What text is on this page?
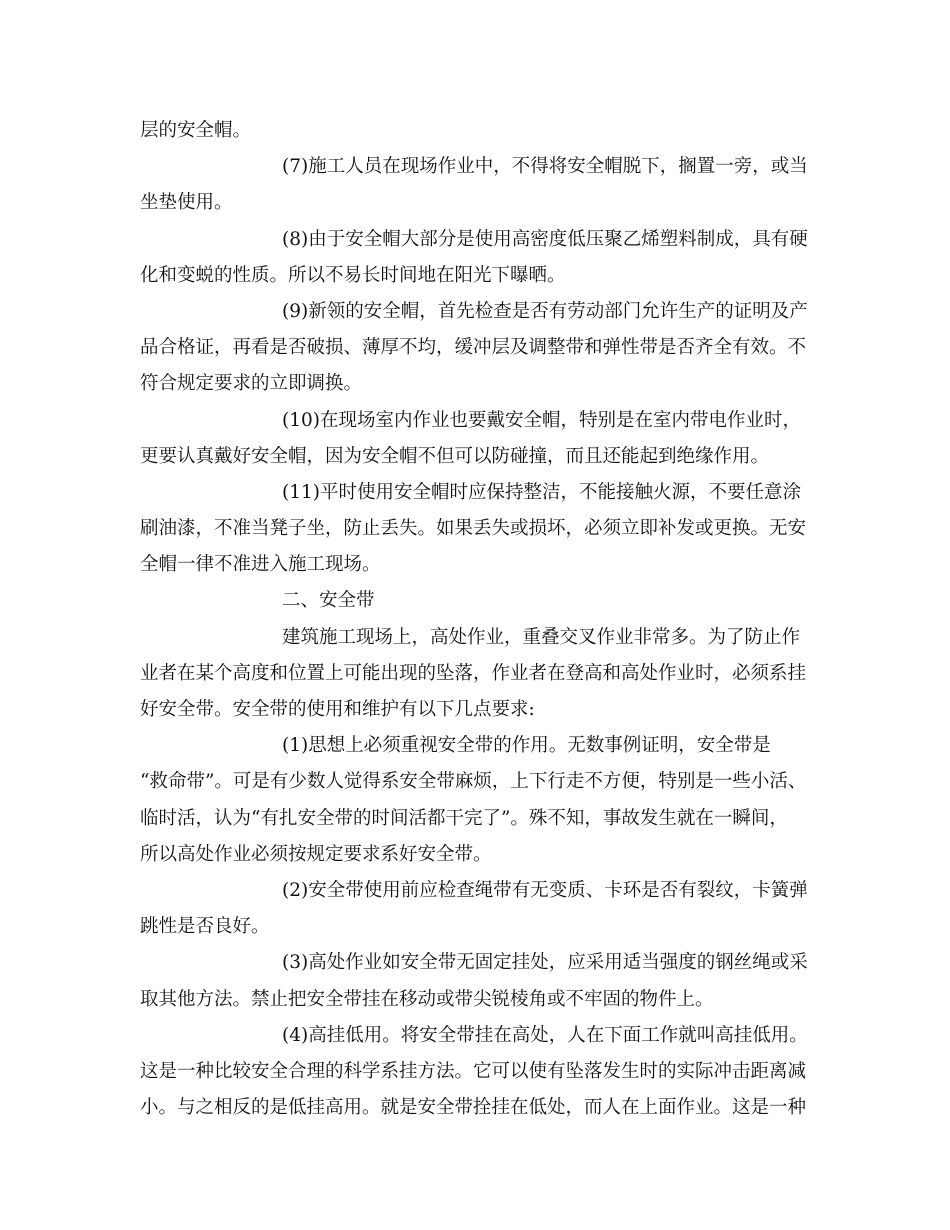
层的安全帽。
(7)施工人员在现场作业中，不得将安全帽脱下，搁置一旁，或当
坐垫使用。
(8)由于安全帽大部分是使用高密度低压聚乙烯塑料制成，具有硬
化和变蜕的性质。所以不易长时间地在阳光下曝晒。
(9)新领的安全帽，首先检查是否有劳动部门允许生产的证明及产
品合格证，再看是否破损、薄厚不均，缓冲层及调整带和弹性带是否齐全有效。不
符合规定要求的立即调换。
(10)在现场室内作业也要戴安全帽，特别是在室内带电作业时，
更要认真戴好安全帽，因为安全帽不但可以防碰撞，而且还能起到绝缘作用。
(11)平时使用安全帽时应保持整洁，不能接触火源，不要任意涂
刷油漆，不准当凳子坐，防止丢失。如果丢失或损坏，必须立即补发或更换。无安
全帽一律不准进入施工现场。
二、安全带
建筑施工现场上，高处作业，重叠交叉作业非常多。为了防止作
业者在某个高度和位置上可能出现的坠落，作业者在登高和高处作业时，必须系挂
好安全带。安全带的使用和维护有以下几点要求:
(1)思想上必须重视安全带的作用。无数事例证明，安全带是
“救命带”。可是有少数人觉得系安全带麻烦，上下行走不方便，特别是一些小活、
临时活，认为“有扎安全带的时间活都干完了”。殊不知，事故发生就在一瞬间，
所以高处作业必须按规定要求系好安全带。
(2)安全带使用前应检查绳带有无变质、卡环是否有裂纹，卡簧弹
跳性是否良好。
(3)高处作业如安全带无固定挂处，应采用适当强度的钢丝绳或采
取其他方法。禁止把安全带挂在移动或带尖锐棱角或不牢固的物件上。
(4)高挂低用。将安全带挂在高处，人在下面工作就叫高挂低用。
这是一种比较安全合理的科学系挂方法。它可以使有坠落发生时的实际冲击距离减
小。与之相反的是低挂高用。就是安全带拴挂在低处，而人在上面作业。这是一种
